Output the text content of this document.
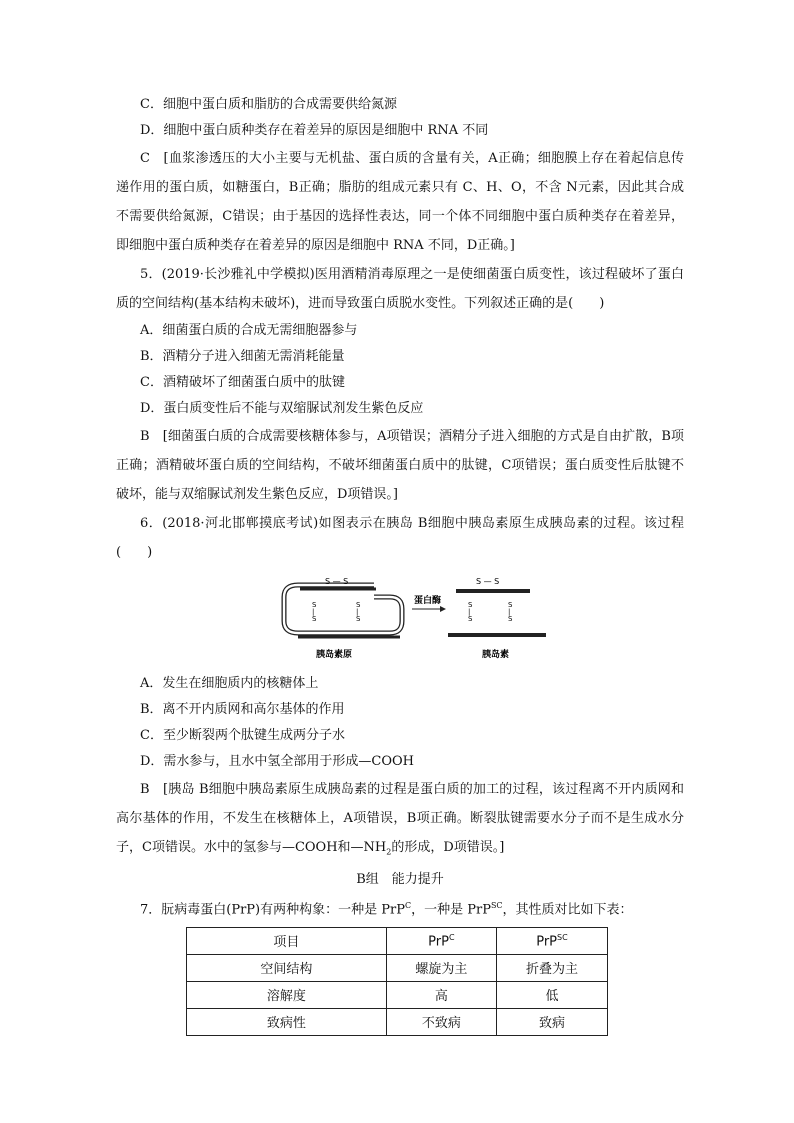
C．细胞中蛋白质和脂肪的合成需要供给氮源
D．细胞中蛋白质种类存在着差异的原因是细胞中 RNA 不同
C　[血浆渗透压的大小主要与无机盐、蛋白质的含量有关，A正确；细胞膜上存在着起信息传递作用的蛋白质，如糖蛋白，B正确；脂肪的组成元素只有 C、H、O，不含 N元素，因此其合成不需要供给氮源，C错误；由于基因的选择性表达，同一个体不同细胞中蛋白质种类存在着差异，即细胞中蛋白质种类存在着差异的原因是细胞中 RNA 不同，D正确。]
5．(2019·长沙雅礼中学模拟)医用酒精消毒原理之一是使细菌蛋白质变性，该过程破坏了蛋白质的空间结构(基本结构未破坏)，进而导致蛋白质脱水变性。下列叙述正确的是(　　)
A．细菌蛋白质的合成无需细胞器参与
B．酒精分子进入细菌无需消耗能量
C．酒精破坏了细菌蛋白质中的肽键
D．蛋白质变性后不能与双缩脲试剂发生紫色反应
B　[细菌蛋白质的合成需要核糖体参与，A项错误；酒精分子进入细胞的方式是自由扩散，B项正确；酒精破坏蛋白质的空间结构，不破坏细菌蛋白质中的肽键，C项错误；蛋白质变性后肽键不破坏，能与双缩脲试剂发生紫色反应，D项错误。]
6．(2018·河北邯郸摸底考试)如图表示在胰岛 B细胞中胰岛素原生成胰岛素的过程。该过程(　　)
S — S
S
|
S
S
|
S
蛋白酶
S — S
S
|
S
S
|
S
胰岛素原	胰岛素
A．发生在细胞质内的核糖体上
B．离不开内质网和高尔基体的作用
C．至少断裂两个肽键生成两分子水
D．需水参与，且水中氢全部用于形成—COOH
B　[胰岛 B细胞中胰岛素原生成胰岛素的过程是蛋白质的加工的过程，该过程离不开内质网和高尔基体的作用，不发生在核糖体上，A项错误，B项正确。断裂肽键需要水分子而不是生成水分子，C项错误。水中的氢参与—COOH和$—NH_2$的形成，D项错误。]
B组　能力提升
7．朊病毒蛋白(PrP)有两种构象：一种是 PrP$^C$，一种是 PrP$^{SC}$，其性质对比如下表：
项目	PrP$^C$	PrP$^{SC}$
空间结构	螺旋为主	折叠为主
溶解度	高	低
致病性	不致病	致病
